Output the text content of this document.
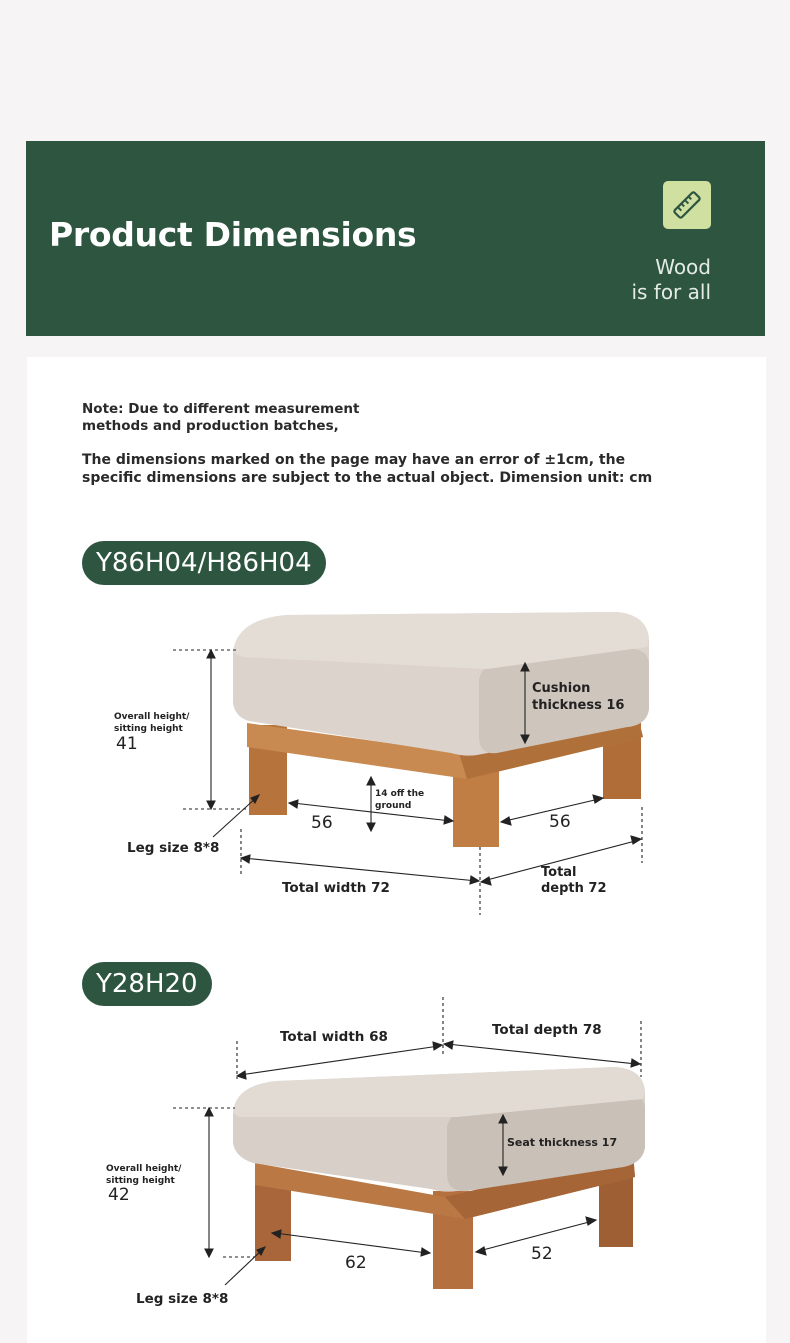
Product Dimensions
Wood
is for all
Note: Due to different measurement
methods and production batches,
The dimensions marked on the page may have an error of ±1cm, the
specific dimensions are subject to the actual object. Dimension unit: cm
Y86H04/H86H04
Y28H20
Overall height/
sitting height
41
Cushion
thickness 16
14 off the
ground
56	56
Leg size 8*8
Total width 72
Total
depth 72
Total width 68	Total depth 78
Overall height/
sitting height
42
Seat thickness 17
62	52
Leg size 8*8
